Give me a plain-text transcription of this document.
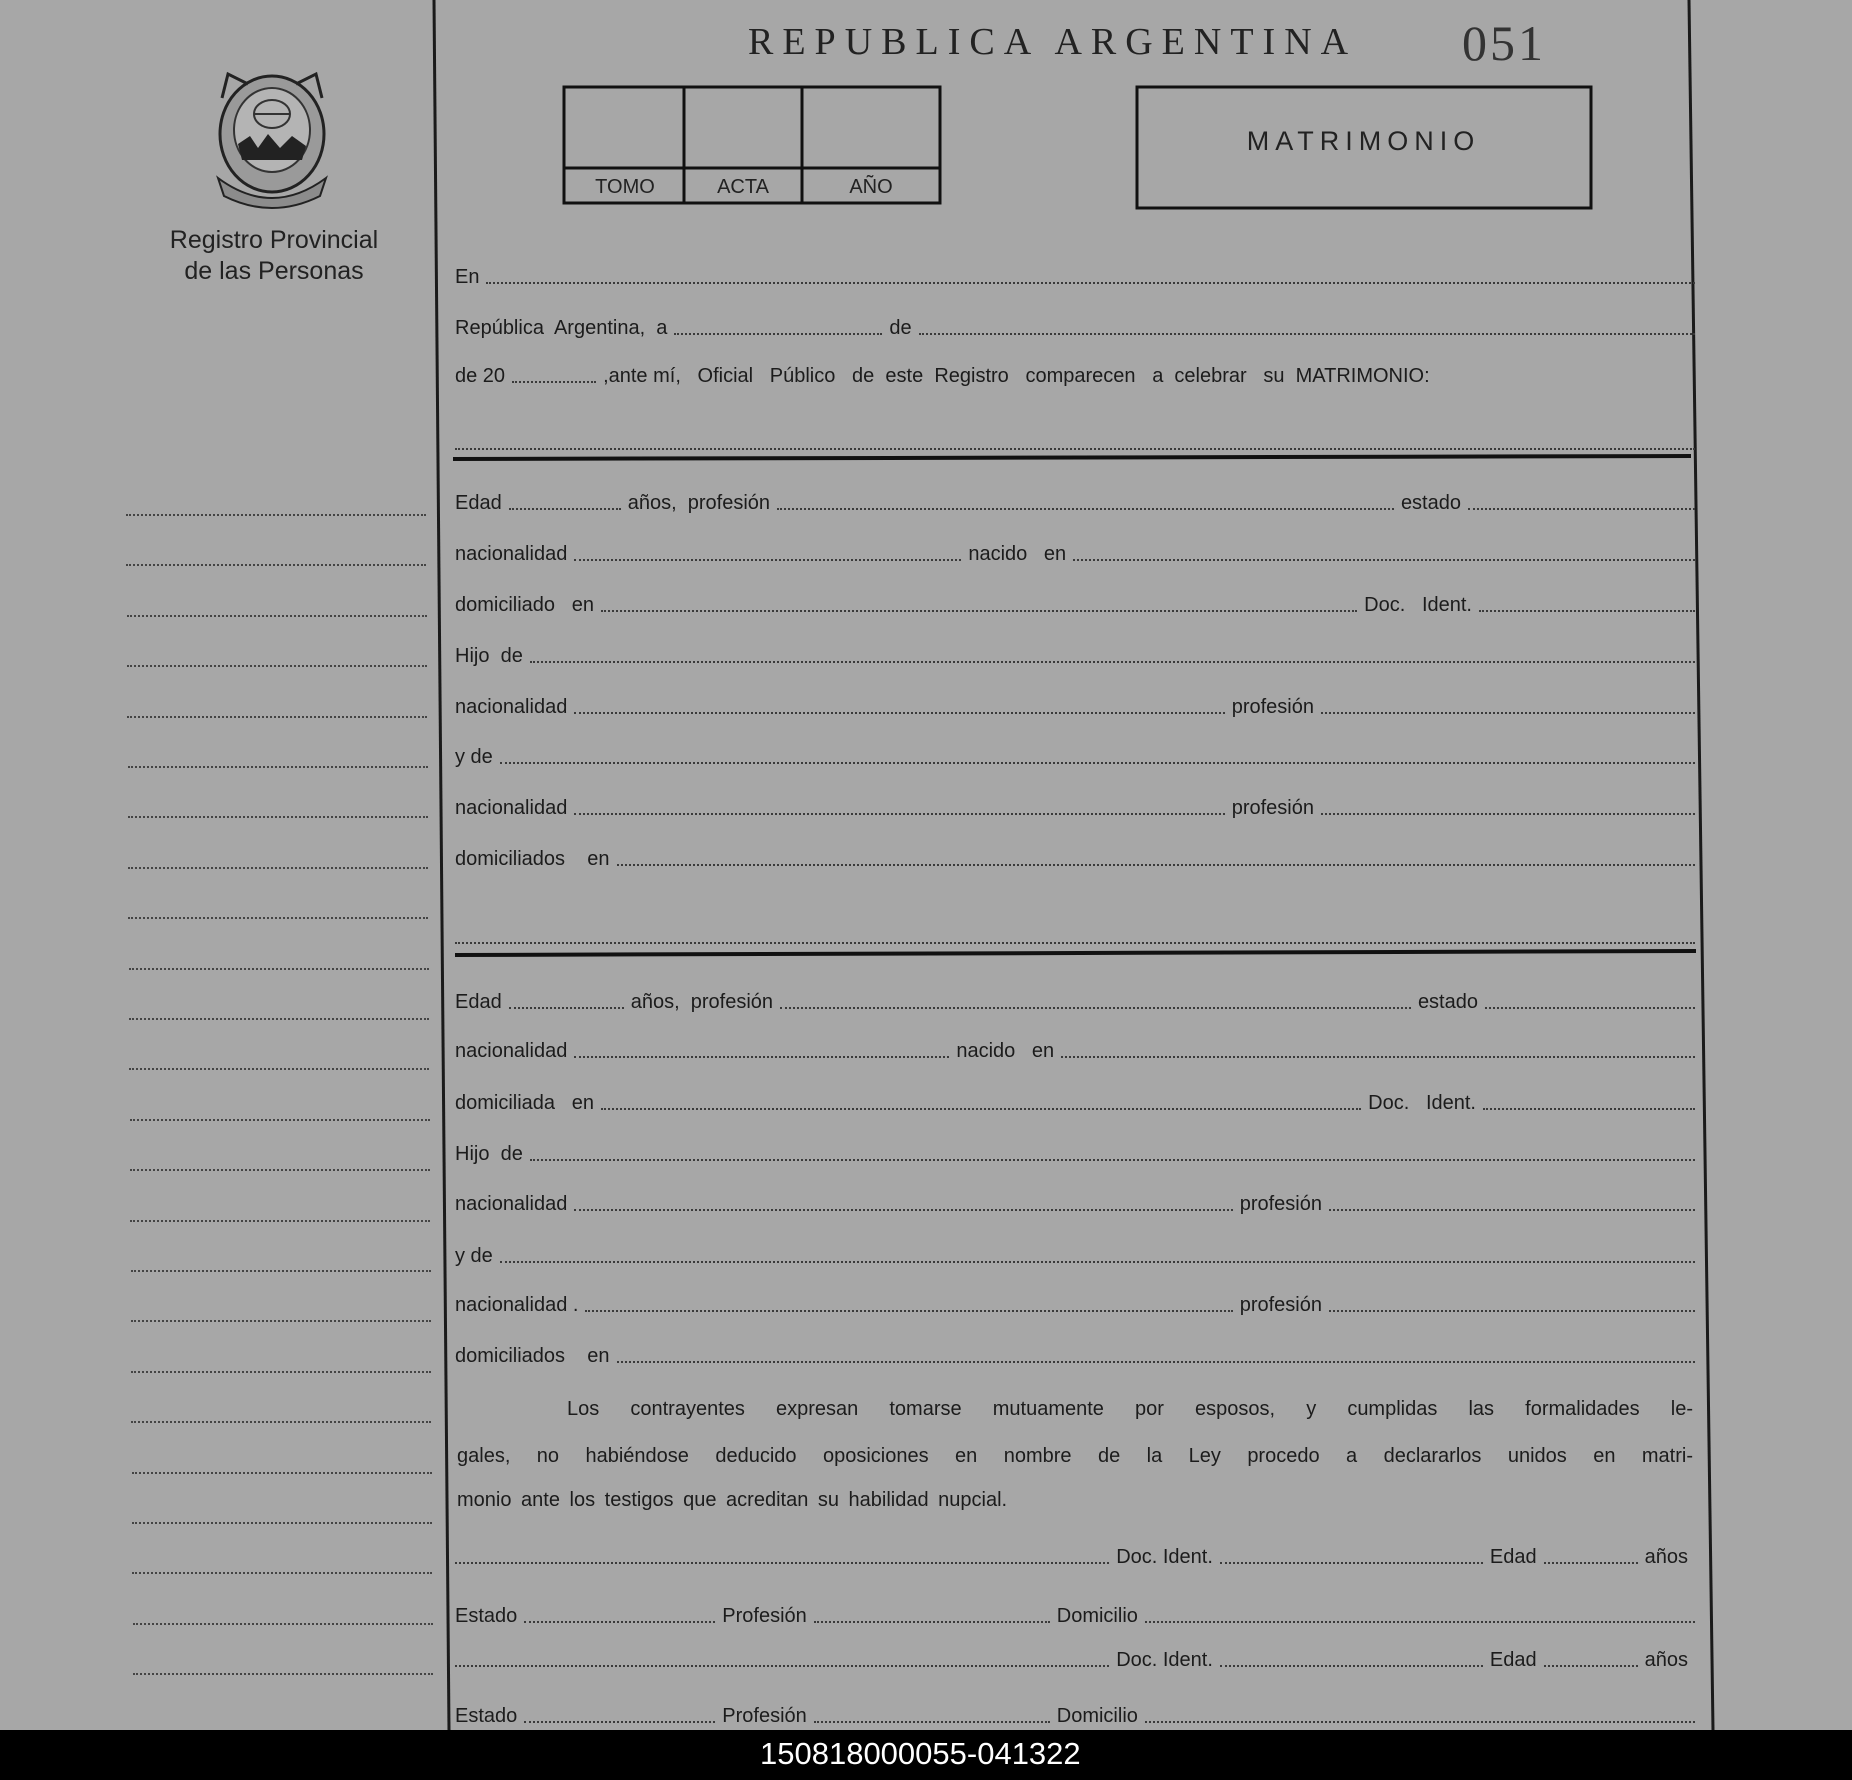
REPUBLICA ARGENTINA 051
TOMO	ACTA	AÑO
MATRIMONIO
Registro Provincial
de las Personas	En
República  Argentina,  a	de
de 20	,ante mí,   Oficial   Público   de  este  Registro   comparecen   a  celebrar   su  MATRIMONIO:
Edad	años,  profesión	estado
nacionalidad	nacido   en
domiciliado   en	Doc.   Ident.
Hijo  de
nacionalidad	profesión
y de
nacionalidad	profesión
domiciliados    en
Edad	años,  profesión	estado
nacionalidad	nacido   en
domiciliada   en	Doc.   Ident.
Hijo  de
nacionalidad	profesión
y de
nacionalidad .	profesión
domiciliados    en
Doc. Ident.	Edad	años
Estado	Profesión	Domicilio
Doc. Ident.	Edad	años
Estado	Profesión	Domicilio
Los contrayentes expresan tomarse mutuamente por esposos, y cumplidas las formalidades le-
gales, no habiéndose deducido oposiciones en nombre de la Ley procedo a declararlos unidos en matri-
monio ante los testigos que acreditan su habilidad nupcial.
150818000055-041322
